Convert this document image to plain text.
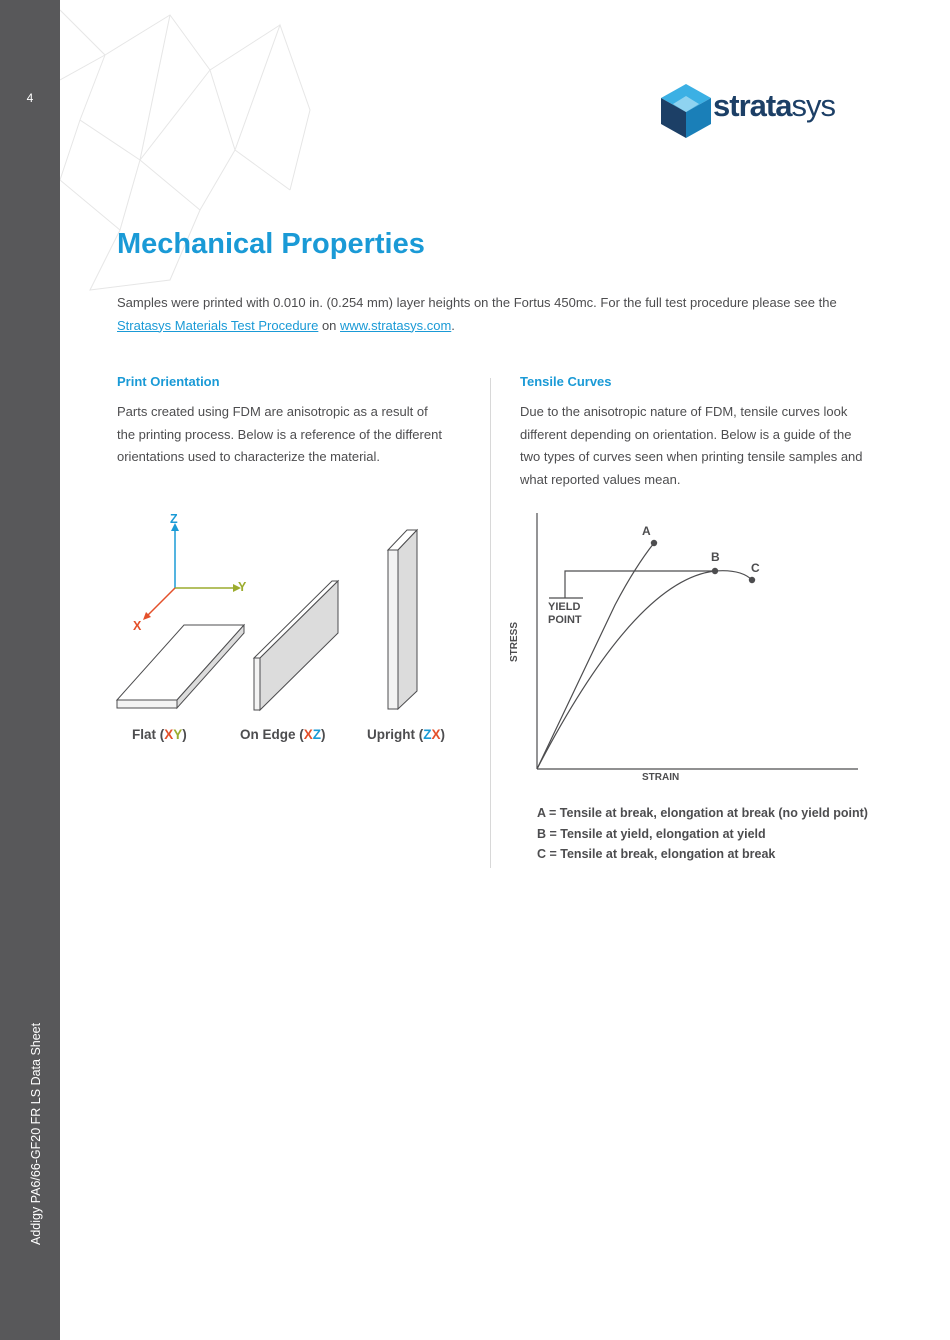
4
Addigy PA6/66-GF20 FR LS Data Sheet
stratasys
Mechanical Properties
Samples were printed with 0.010 in. (0.254 mm) layer heights on the Fortus 450mc. For the full test procedure please see the Stratasys Materials Test Procedure on www.stratasys.com.
Print Orientation
Parts created using FDM are anisotropic as a result of the printing process. Below is a reference of the different orientations used to characterize the material.
Z
Y
X
Flat (XY)	On Edge (XZ)	Upright (ZX)
Tensile Curves
Due to the anisotropic nature of FDM, tensile curves look different depending on orientation. Below is a guide of the two types of curves seen when printing tensile samples and what reported values mean.
A
B
C
YIELD
POINT
STRESS
STRAIN
A = Tensile at break, elongation at break (no yield point)
B = Tensile at yield, elongation at yield
C = Tensile at break, elongation at break
